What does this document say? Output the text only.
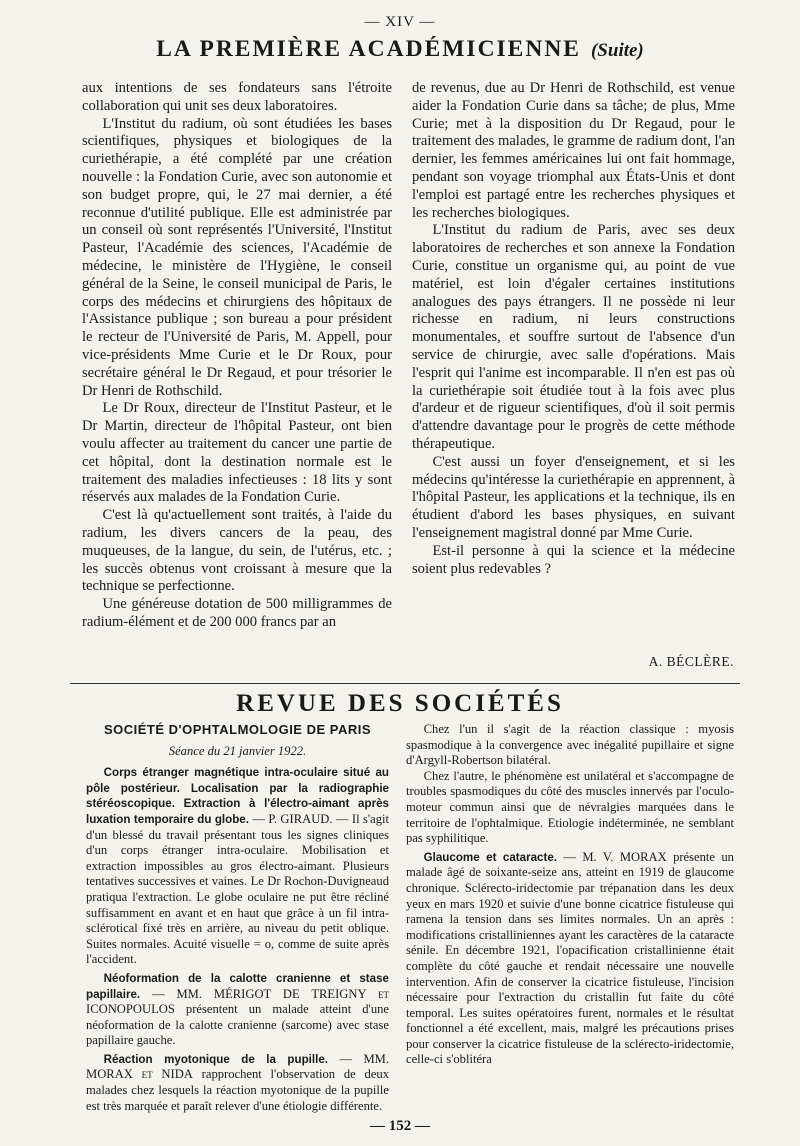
— XIV —
LA PREMIÈRE ACADÉMICIENNE (Suite)

aux intentions de ses fondateurs sans l'étroite collaboration qui unit ses deux laboratoires.

L'Institut du radium, où sont étudiées les bases scientifiques, physiques et biologiques de la curiethérapie, a été complété par une création nouvelle : la Fondation Curie, avec son autonomie et son budget propre, qui, le 27 mai dernier, a été reconnue d'utilité publique. Elle est administrée par un conseil où sont représentés l'Université, l'Institut Pasteur, l'Académie des sciences, l'Académie de médecine, le ministère de l'Hygiène, le conseil général de la Seine, le conseil municipal de Paris, le corps des médecins et chirurgiens des hôpitaux de l'Assistance publique ; son bureau a pour président le recteur de l'Université de Paris, M. Appell, pour vice-présidents Mme Curie et le Dr Roux, pour secrétaire général le Dr Regaud, et pour trésorier le Dr Henri de Rothschild.

Le Dr Roux, directeur de l'Institut Pasteur, et le Dr Martin, directeur de l'hôpital Pasteur, ont bien voulu affecter au traitement du cancer une partie de cet hôpital, dont la destination normale est le traitement des maladies infectieuses : 18 lits y sont réservés aux malades de la Fondation Curie.

C'est là qu'actuellement sont traités, à l'aide du radium, les divers cancers de la peau, des muqueuses, de la langue, du sein, de l'utérus, etc. ; les succès obtenus vont croissant à mesure que la technique se perfectionne.

Une généreuse dotation de 500 milligrammes de radium-élément et de 200 000 francs par an

de revenus, due au Dr Henri de Rothschild, est venue aider la Fondation Curie dans sa tâche; de plus, Mme Curie; met à la disposition du Dr Regaud, pour le traitement des malades, le gramme de radium dont, l'an dernier, les femmes américaines lui ont fait hommage, pendant son voyage triomphal aux États-Unis et dont l'emploi est partagé entre les recherches physiques et les recherches biologiques.

L'Institut du radium de Paris, avec ses deux laboratoires de recherches et son annexe la Fondation Curie, constitue un organisme qui, au point de vue matériel, est loin d'égaler certaines institutions analogues des pays étrangers. Il ne possède ni leur richesse en radium, ni leurs constructions monumentales, et souffre surtout de l'absence d'un service de chirurgie, avec salle d'opérations. Mais l'esprit qui l'anime est incomparable. Il n'en est pas où la curiethérapie soit étudiée tout à la fois avec plus d'ardeur et de rigueur scientifiques, d'où il soit permis d'attendre davantage pour le progrès de cette méthode thérapeutique.

C'est aussi un foyer d'enseignement, et si les médecins qu'intéresse la curiethérapie en apprennent, à l'hôpital Pasteur, les applications et la technique, ils en étudient d'abord les bases physiques, en suivant l'enseignement magistral donné par Mme Curie.

Est-il personne à qui la science et la médecine soient plus redevables ?

A. BÉCLÈRE.
REVUE DES SOCIÉTÉS

SOCIÉTÉ D'OPHTALMOLOGIE DE PARIS

Séance du 21 janvier 1922.

Corps étranger magnétique intra-oculaire situé au pôle postérieur. Localisation par la radiographie stéréoscopique. Extraction à l'électro-aimant après luxation temporaire du globe. — P. GIRAUD. — Il s'agit d'un blessé du travail présentant tous les signes cliniques d'un corps étranger intra-oculaire. Mobilisation et extraction impossibles au gros électro-aimant. Plusieurs tentatives successives et vaines. Le Dr Rochon-Duvigneaud pratiqua l'extraction. Le globe oculaire ne put être récliné suffisamment en avant et en haut que grâce à un fil intra-sclérotical fixé très en arrière, au niveau du petit oblique. Suites normales. Acuité visuelle = o, comme de suite après l'accident.

Néoformation de la calotte cranienne et stase papillaire. — MM. MÉRIGOT DE TREIGNY et ICONOPOULOS présentent un malade atteint d'une néoformation de la calotte cranienne (sarcome) avec stase papillaire gauche.

Réaction myotonique de la pupille. — MM. MORAX et NIDA rapprochent l'observation de deux malades chez lesquels la réaction myotonique de la pupille est très marquée et paraît relever d'une étiologie différente.

Chez l'un il s'agit de la réaction classique : myosis spasmodique à la convergence avec inégalité pupillaire et signe d'Argyll-Robertson bilatéral.

Chez l'autre, le phénomène est unilatéral et s'accompagne de troubles spasmodiques du côté des muscles innervés par l'oculo-moteur commun ainsi que de névralgies marquées dans le territoire de l'ophtalmique. Etiologie indéterminée, ne semblant pas syphilitique.

Glaucome et cataracte. — M. V. MORAX présente un malade âgé de soixante-seize ans, atteint en 1919 de glaucome chronique. Sclérecto-iridectomie par trépanation dans les deux yeux en mars 1920 et suivie d'une bonne cicatrice fistuleuse qui ramena la tension dans ses limites normales. Un an après : modifications cristalliniennes ayant les caractères de la cataracte sénile. En décembre 1921, l'opacification cristallinienne était complète du côté gauche et rendait nécessaire une nouvelle intervention. Afin de conserver la cicatrice fistuleuse, l'incision nécessaire pour l'extraction du cristallin fut faite du côté temporal. Les suites opératoires furent, normales et le résultat fonctionnel a été excellent, mais, malgré les précautions prises pour conserver la cicatrice fistuleuse de la sclérecto-iridectomie, celle-ci s'oblitéra

— 152 —
